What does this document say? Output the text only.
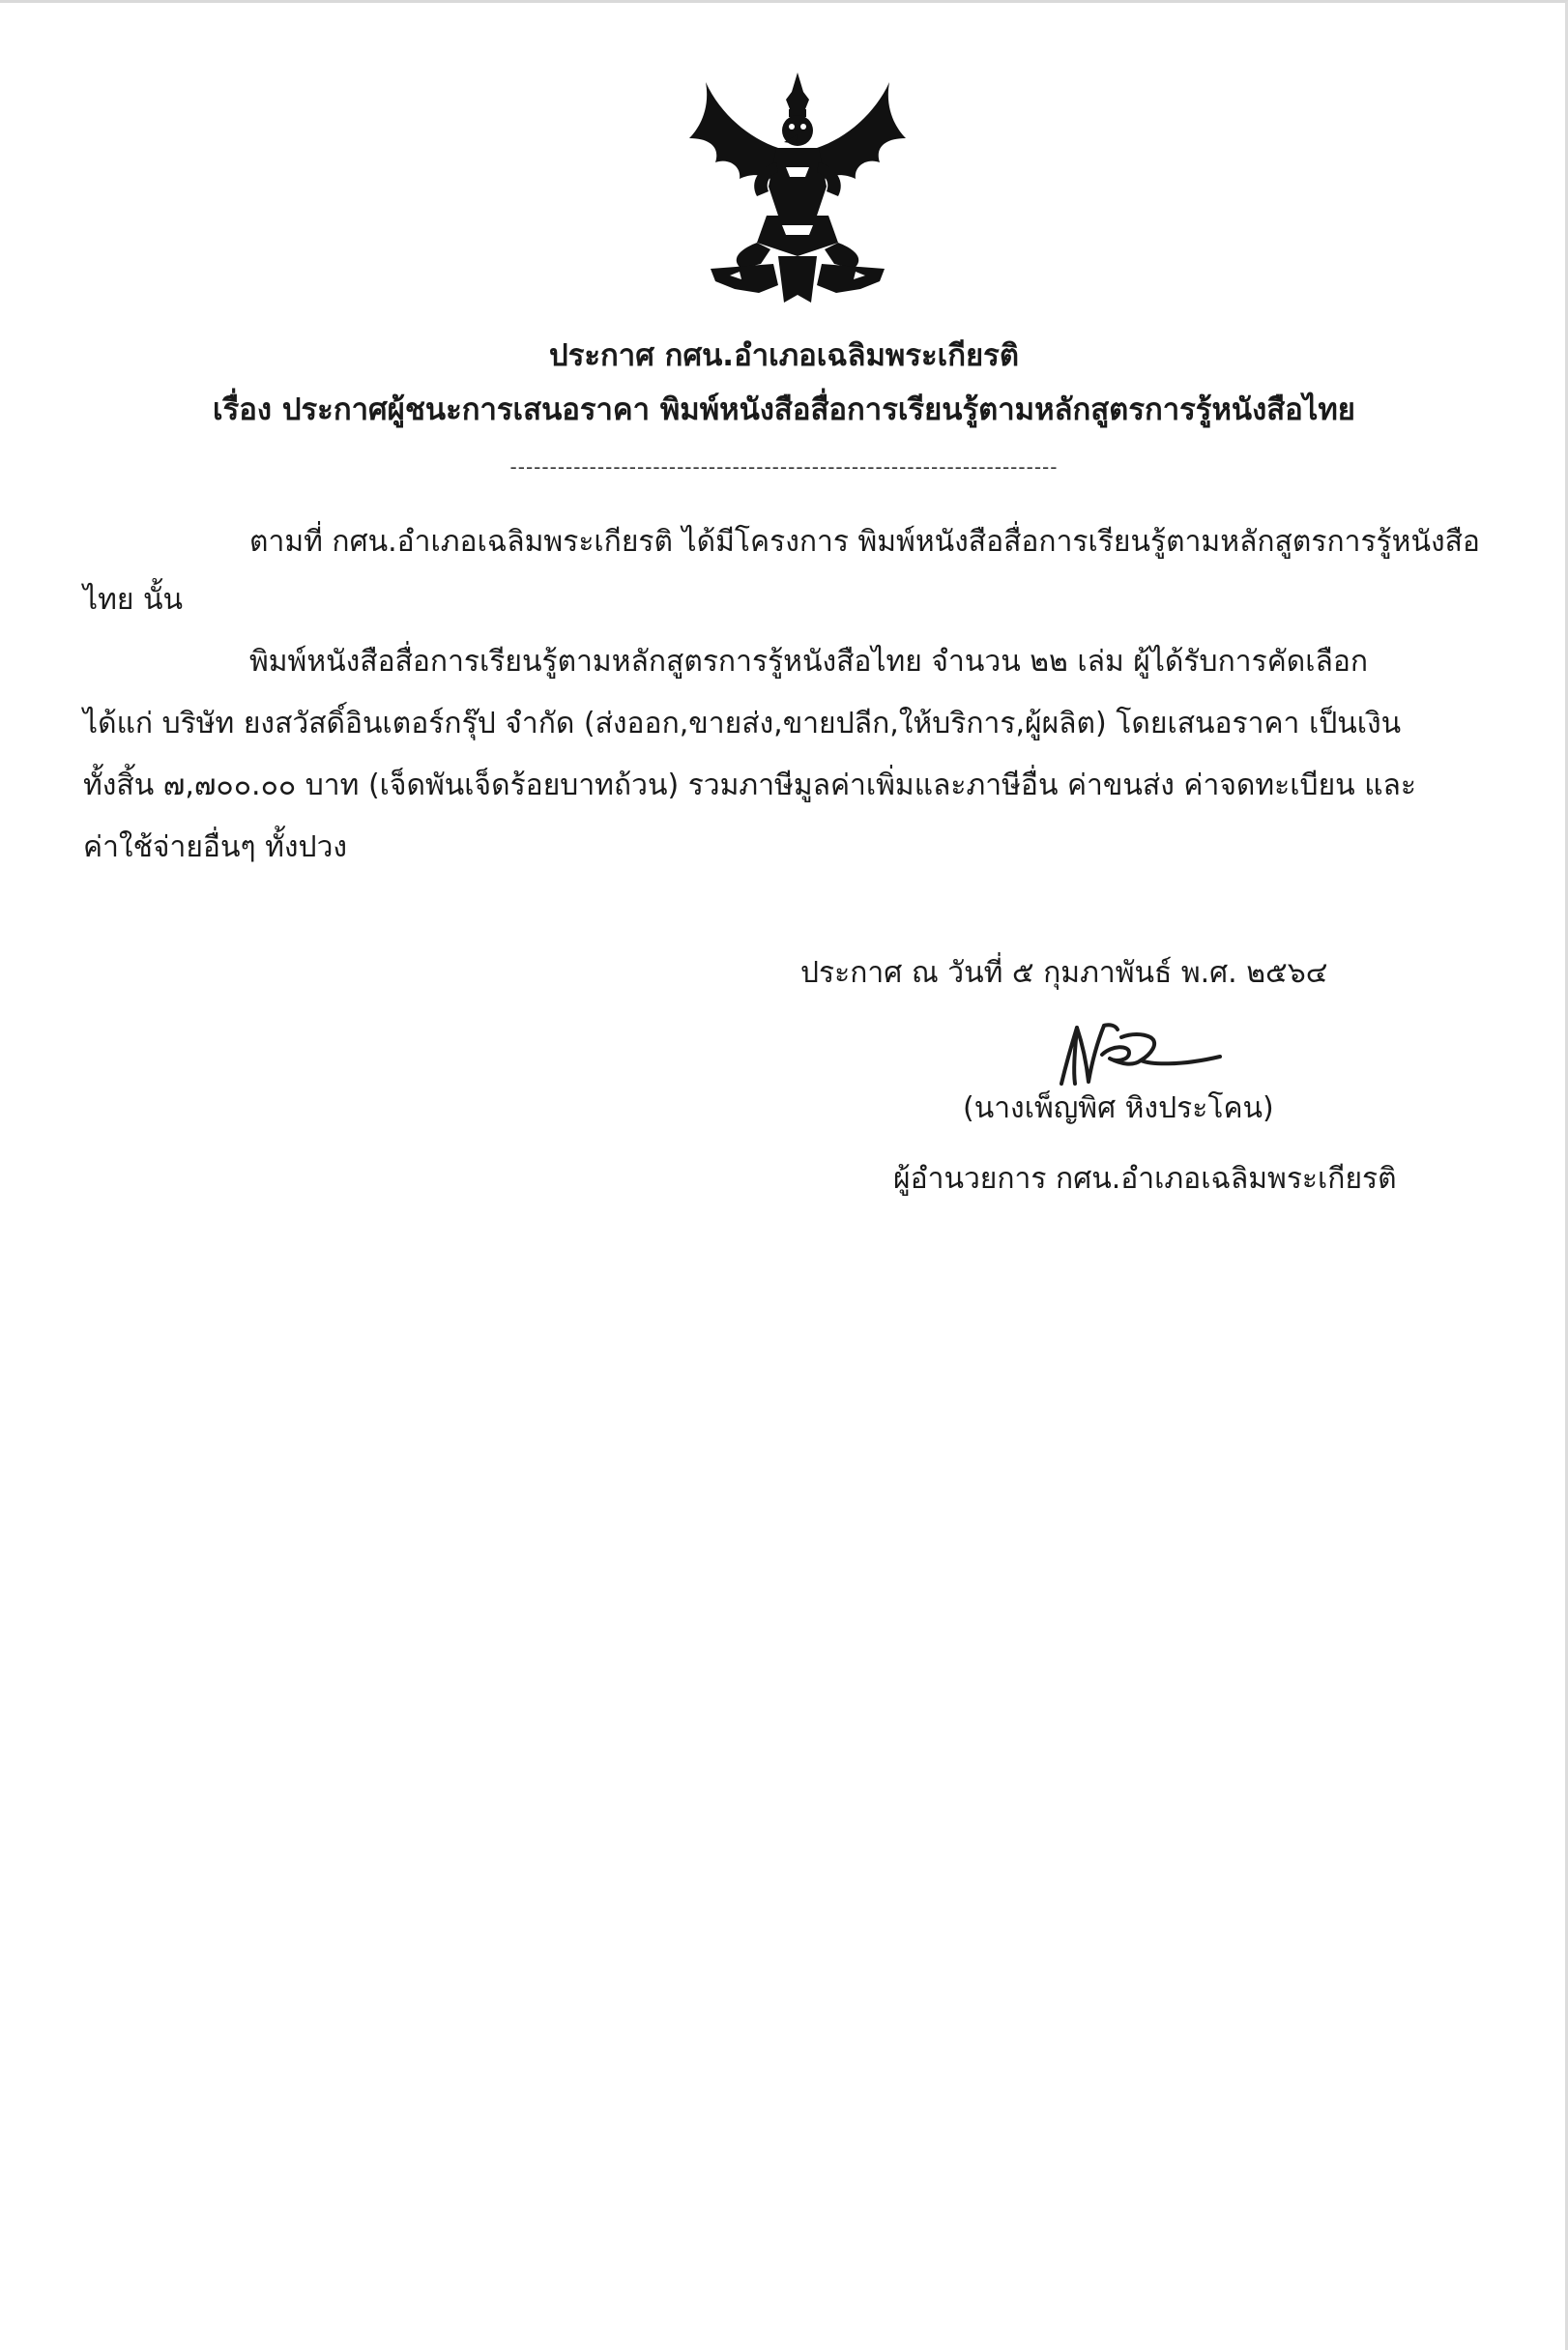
ประกาศ กศน.อำเภอเฉลิมพระเกียรติ
เรื่อง ประกาศผู้ชนะการเสนอราคา พิมพ์หนังสือสื่อการเรียนรู้ตามหลักสูตรการรู้หนังสือไทย
---------------------------------------------------------------------
ตามที่ กศน.อำเภอเฉลิมพระเกียรติ ได้มีโครงการ พิมพ์หนังสือสื่อการเรียนรู้ตามหลักสูตรการรู้หนังสือ
ไทย นั้น
พิมพ์หนังสือสื่อการเรียนรู้ตามหลักสูตรการรู้หนังสือไทย จำนวน ๒๒ เล่ม ผู้ได้รับการคัดเลือก
ได้แก่ บริษัท ยงสวัสดิ์อินเตอร์กรุ๊ป จำกัด (ส่งออก,ขายส่ง,ขายปลีก,ให้บริการ,ผู้ผลิต) โดยเสนอราคา เป็นเงิน
ทั้งสิ้น ๗,๗๐๐.๐๐ บาท (เจ็ดพันเจ็ดร้อยบาทถ้วน) รวมภาษีมูลค่าเพิ่มและภาษีอื่น ค่าขนส่ง ค่าจดทะเบียน และ
ค่าใช้จ่ายอื่นๆ ทั้งปวง
ประกาศ ณ วันที่ ๕ กุมภาพันธ์ พ.ศ. ๒๕๖๔
(นางเพ็ญพิศ หิงประโคน)
ผู้อำนวยการ กศน.อำเภอเฉลิมพระเกียรติ
